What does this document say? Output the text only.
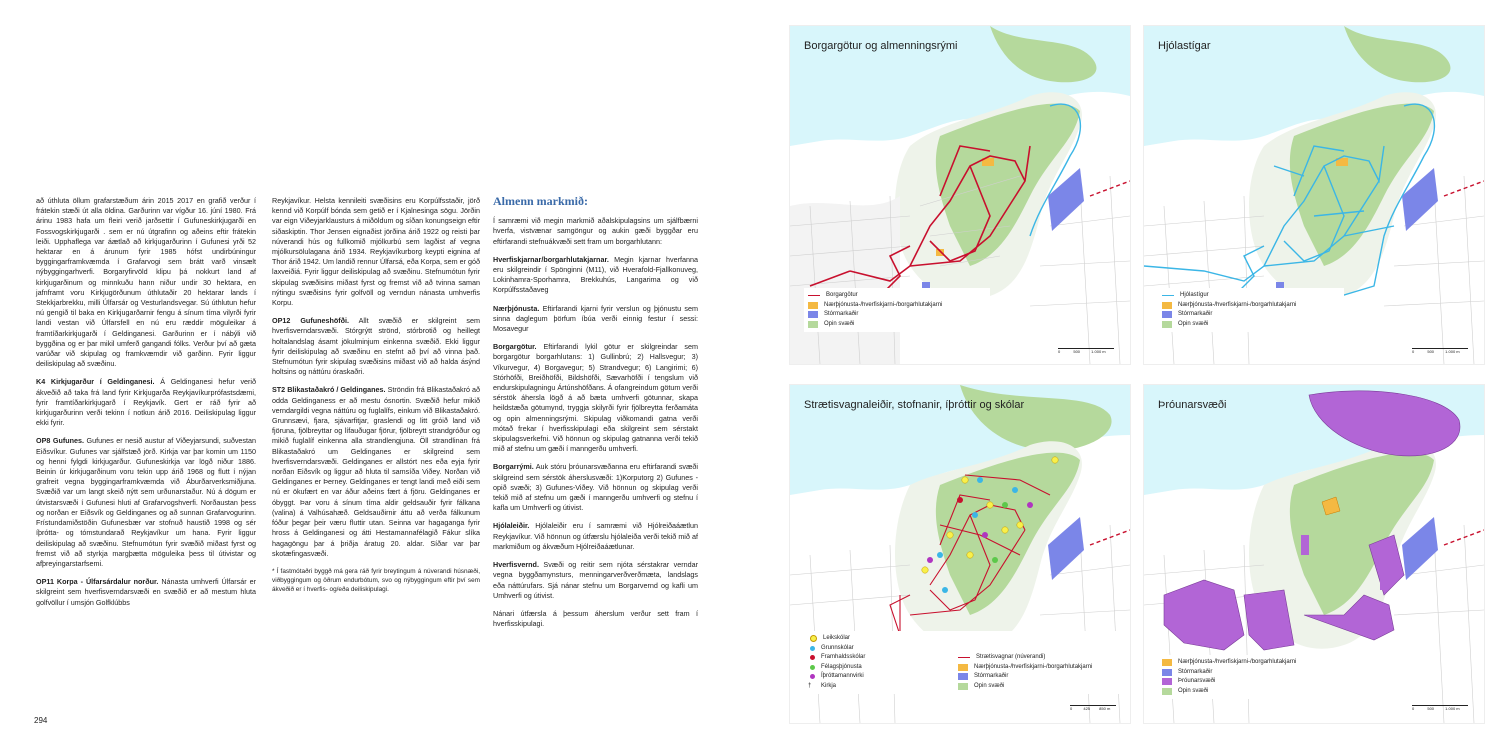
að úthluta öllum grafarstæðum árin 2015 2017 en grafið verður í frátekin stæði út alla öldina. Garðurinn var vígður 16. júní 1980. Frá árinu 1983 hafa um fleiri verið jarðsettir í Gufuneskirkjugarði en Fossvogskirkjugarði . sem er nú útgrafinn og aðeins eftir frátekin leiði. Upphaflega var áætlað að kirkjugarðurinn í Gufunesi yrði 52 hektarar en á árunum fyrir 1985 hófst undirbúningur byggingarframkvæmda í Grafarvogi sem brátt varð vinsælt nýbyggingarhverfi. Borgaryfirvöld klipu þá nokkurt land af kirkjugarðinum og minnkuðu hann niður undir 30 hektara, en jafnframt voru Kirkjugörðunum úthlutaðir 20 hektarar lands í Stekkjarbrekku, milli Úlfarsár og Vesturlandsvegar. Sú úthlutun hefur nú gengið til baka en Kirkjugarðarnir fengu á sínum tíma vilyrði fyrir landi vestan við Úlfarsfell en nú eru ræddir möguleikar á framtíðarkirkjugarði í Geldinganesi. Garðurinn er í nábýli við byggðina og er þar mikil umferð gangandi fólks. Verður því að gæta varúðar við skipulag og framkvæmdir við garðinn. Fyrir liggur deiliskipulag að svæðinu.

K4 Kirkjugarður í Geldinganesi. Á Geldinganesi hefur verið ákveðið að taka frá land fyrir Kirkjugarða Reykjavíkurprófastsdæmi, fyrir framtíðarkirkjugarð í Reykjavík. Gert er ráð fyrir að kirkjugarðurinn verði tekinn í notkun árið 2016. Deiliskipulag liggur ekki fyrir.

OP8 Gufunes. Gufunes er nesið austur af Viðeyjarsundi, suðvestan Eiðsvíkur. Gufunes var sjálfstæð jörð. Kirkja var þar komin um 1150 og henni fylgdi kirkjugarður. Gufuneskirkja var lögð niður 1886. Beinin úr kirkjugarðinum voru tekin upp árið 1968 og flutt í nýjan grafreit vegna byggingarframkvæmda við Áburðarverksmiðjuna. Svæðið var um langt skeið nýtt sem urðunarstaður. Nú á dögum er útvistarsvæði í Gufunesi hluti af Grafarvogshverfi. Norðaustan þess og norðan er Eiðsvík og Geldinganes og að sunnan Grafarvogurinn. Frístundamiðstöðin Gufunesbær var stofnuð haustið 1998 og sér íþrótta- og tómstundarað Reykjavíkur um hana. Fyrir liggur deiliskipulag að svæðinu. Stefnumótun fyrir svæðið miðast fyrst og fremst við að styrkja margþætta möguleika þess til útivistar og afþreyingarstarfsemi.

OP11 Korpa - Úlfarsárdalur norður. Nánasta umhverfi Úlfarsár er skilgreint sem hverfisverndarsvæði en svæðið er að mestum hluta golfvöllur í umsjón Golfklúbbs

Reykjavíkur. Helsta kennileiti svæðisins eru Korpúlfsstaðir, jörð kennd við Korpúlf bónda sem getið er í Kjalnesinga sögu. Jörðin var eign Viðeyjarklausturs á miðöldum og síðan konungseign eftir siðaskiptin. Thor Jensen eignaðist jörðina árið 1922 og reisti þar núverandi hús og fullkomið mjólkurbú sem lagðist af vegna mjólkursölulagana árið 1934. Reykjavíkurborg keypti eignina af Thor árið 1942. Um landið rennur Úlfarsá, eða Korpa, sem er góð laxveiðiá. Fyrir liggur deiliskipulag að svæðinu. Stefnumótun fyrir skipulag svæðisins miðast fyrst og fremst við að tvinna saman nýtingu svæðisins fyrir golfvöll og verndun nánasta umhverfis Korpu.

OP12 Gufuneshöfði. Allt svæðið er skilgreint sem hverfisverndarsvæði. Stórgrýtt strönd, stórbrotið og heillegt holtalandslag ásamt jökulminjum einkenna svæðið. Ekki liggur fyrir deiliskipulag að svæðinu en stefnt að því að vinna það. Stefnumótun fyrir skipulag svæðisins miðast við að halda ásýnd holtsins og náttúru óraskaðri.

ST2 Blikastaðakró / Geldinganes. Ströndin frá Blikastaðakró að odda Geldinganess er að mestu ósnortin. Svæðið hefur mikið verndargildi vegna náttúru og fuglalífs, einkum við Blikastaðakró. Grunnsævi, fjara, sjávarfitjar, graslendi og litt gróið land við fjöruna, fjölbreyttar og lífauðugar fjörur, fjölbreytt strandgróður og mikið fuglalíf einkenna alla strandlengjuna. Öll strandlinan frá Blikastaðakró um Geldinganes er skilgreind sem hverfisverndarsvæði. Geldinganes er allstórt nes eða eyja fyrir norðan Eiðsvík og liggur að hluta til samsíða Viðey. Norðan við Geldinganes er Þerney. Geldinganes er tengt landi með eiði sem nú er ökufært en var áður aðeins fært á fjöru. Geldinganes er óbyggt. Þar voru á sínum tíma aldir geldsauðir fyrir fálkana (valina) á Valhúsahæð. Geldsauðirnir áttu að verða fálkunum fóður þegar þeir væru fluttir utan. Seinna var hagaganga fyrir hross á Geldinganesi og átti Hestamannafélagið Fákur slíka hagagöngu þar á þriðja áratug 20. aldar. Síðar var þar skotæfingasvæði.

* Í fastmótaðri byggð má gera ráð fyrir breytingum á núverandi húsnæði, viðbyggingum og öðrum endurbótum, svo og nýbyggingum eftir því sem ákveðið er í hverfis- og/eða deiliskipulagi.

Almenn markmið:

Í samræmi við megin markmið aðalskipulagsins um sjálfbærni hverfa, vistvænar samgöngur og aukin gæði byggðar eru eftirfarandi stefnuákvæði sett fram um borgarhlutann:

Hverfiskjarnar/borgarhlutakjarnar. Megin kjarnar hverfanna eru skilgreindir í Spönginni (M11), við Hverafold-Fjallkonuveg, Lokinhamra-Sporhamra, Brekkuhús, Langarima og við Korpúlfsstaðaveg

Nærþjónusta. Eftirfarandi kjarni fyrir verslun og þjónustu sem sinna daglegum þörfum íbúa verði einnig festur í sessi: Mosavegur

Borgargötur. Eftirfarandi lykil götur er skilgreindar sem borgargötur borgarhlutans: 1) Gullinbrú; 2) Hallsvegur; 3) Víkurvegur, 4) Borgavegur; 5) Strandvegur; 6) Langirimi; 6) Stórhöfði, Breiðhöfði, Bildshöfði, Sævarhöfði í tengslum við endurskipulagningu Ártúnshöfðans. Á ofangreindum götum verði sérstök áhersla lögð á að bæta umhverfi götunnar, skapa heildstæða götumynd, tryggja skilyrði fyrir fjölbreytta ferðamáta og opin almenningsrými. Skipulag viðkomandi gatna verði mótað frekar í hverfisskipulagi eða skilgreint sem sérstakt skipulagsverkefni. Við hönnun og skipulag gatnanna verði tekið mið af stefnu um gæði í manngerðu umhverfi.

Borgarrými. Auk stóru þróunarsvæðanna eru eftirfarandi svæði skilgreind sem sérstök áherslusvæði: 1)Korputorg 2) Gufunes - opið svæði; 3) Gufunes-Viðey. Við hönnun og skipulag verði tekið mið af stefnu um gæði í manngerðu umhverfi og stefnu í kafla um Umhverfi og útivist.

Hjólaleiðir. Hjólaleiðir eru í samræmi við Hjólreiðaáætlun Reykjavíkur. Við hönnun og útfærslu hjólaleiða verði tekið mið af markmiðum og ákvæðum Hjólreiðaáætlunar.

Hverfisvernd. Svæði og reitir sem njóta sérstakrar verndar vegna byggðamynsturs, menningarverðverðmæta, landslags eða náttúrufars. Sjá nánar stefnu um Borgarvernd og kafli um Umhverfi og útivist.

Nánari útfærsla á þessum áherslum verður sett fram í hverfisskipulagi.

294
Borgargötur og almenningsrými
Borgargötur
Nærþjónusta-/hverfiskjarni-/borgarhlutakjarni
Stórmarkaðir
Opin svæði
0	500	1.000 m
Hjólastígar
Hjólastígur
Nærþjónusta-/hverfiskjarni-/borgarhlutakjarni
Stórmarkaðir
Opin svæði
0	500	1.000 m
Strætisvagnaleiðir, stofnanir, íþróttir og skólar
Leikskólar
Grunnskólar
Framhaldsskólar
Félagsþjónusta
Íþróttamannvirki
†	Kirkja
Strætisvagnar (núverandi)
Nærþjónusta-/hverfiskjarni-/borgarhlutakjarni
Stórmarkaðir
Opin svæði
0	425 850 m
Þróunarsvæði
Nærþjónusta-/hverfiskjarni-/borgarhlutakjarni
Stórmarkaðir
Þróunarsvæði
Opin svæði
0	500	1.000 m
